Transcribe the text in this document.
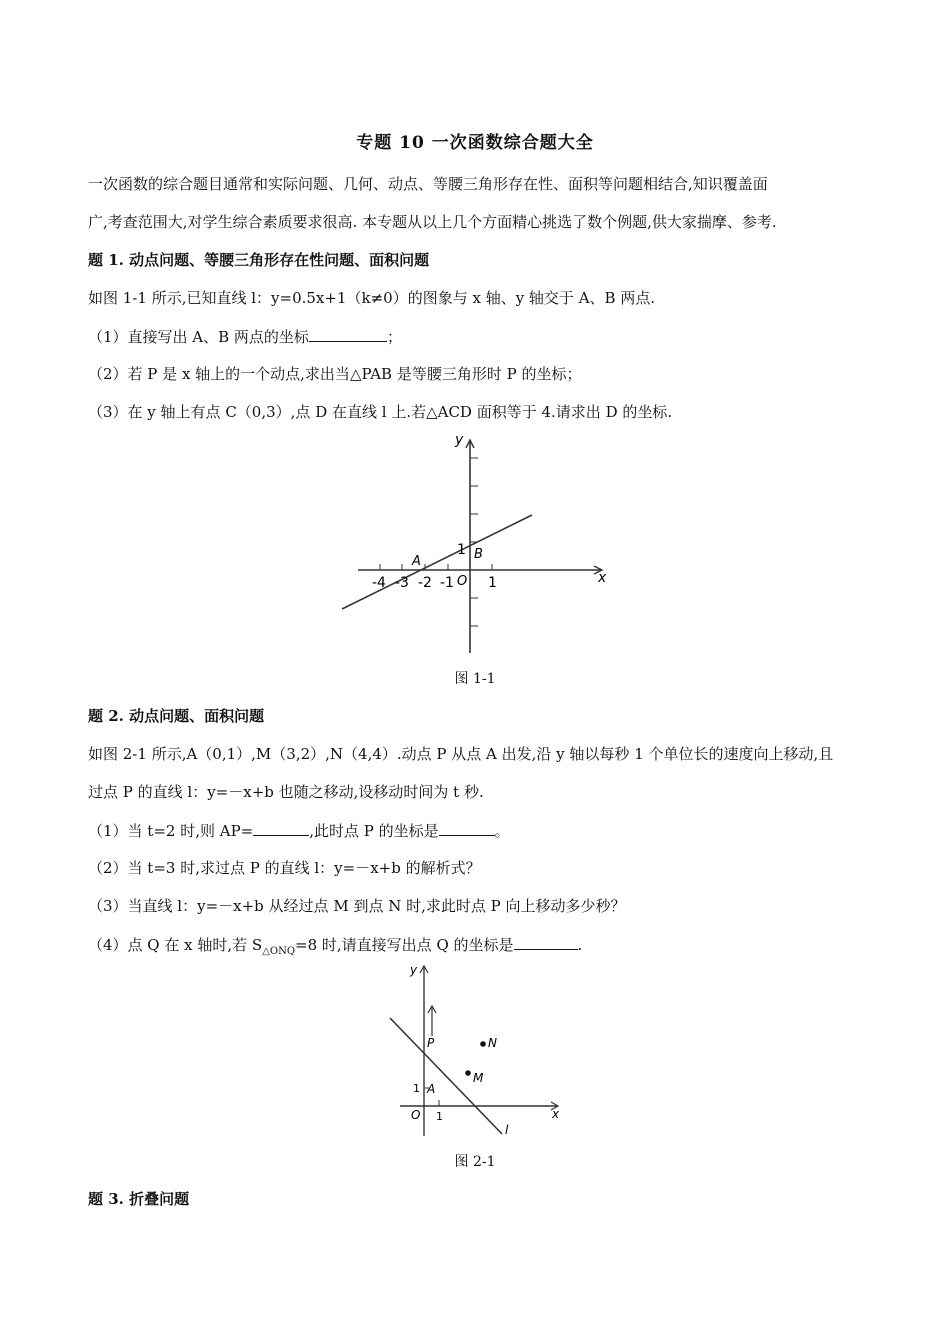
专题 10 一次函数综合题大全
一次函数的综合题目通常和实际问题、几何、动点、等腰三角形存在性、面积等问题相结合,知识覆盖面
广,考查范围大,对学生综合素质要求很高. 本专题从以上几个方面精心挑选了数个例题,供大家揣摩、参考.
题 1. 动点问题、等腰三角形存在性问题、面积问题
如图 1-1 所示,已知直线 l：y=0.5x+1（k≠0）的图象与 x 轴、y 轴交于 A、B 两点.
（1）直接写出 A、B 两点的坐标	；
（2）若 P 是 x 轴上的一个动点,求出当△PAB 是等腰三角形时 P 的坐标；
（3）在 y 轴上有点 C（0,3）,点 D 在直线 l 上.若△ACD 面积等于 4.请求出 D 的坐标.
x
y
-4 -3 -2 -1 O 1
1
A	B
图 1-1
题 2. 动点问题、面积问题
如图 2-1 所示,A（0,1）,M（3,2）,N（4,4）.动点 P 从点 A 出发,沿 y 轴以每秒 1 个单位长的速度向上移动,且
过点 P 的直线 l：y=－x+b 也随之移动,设移动时间为 t 秒.
（1）当 t=2 时,则 AP=	,此时点 P 的坐标是	。
（2）当 t=3 时,求过点 P 的直线 l：y=－x+b 的解析式？
（3）当直线 l：y=－x+b 从经过点 M 到点 N 时,求此时点 P 向上移动多少秒？
（4）点 Q 在 x 轴时,若 $S_{\triangle ONQ}=8$ 时,请直接写出点 Q 的坐标是	.
x
y
O 1
1 A
P
M
N
l
图 2-1
题 3. 折叠问题
